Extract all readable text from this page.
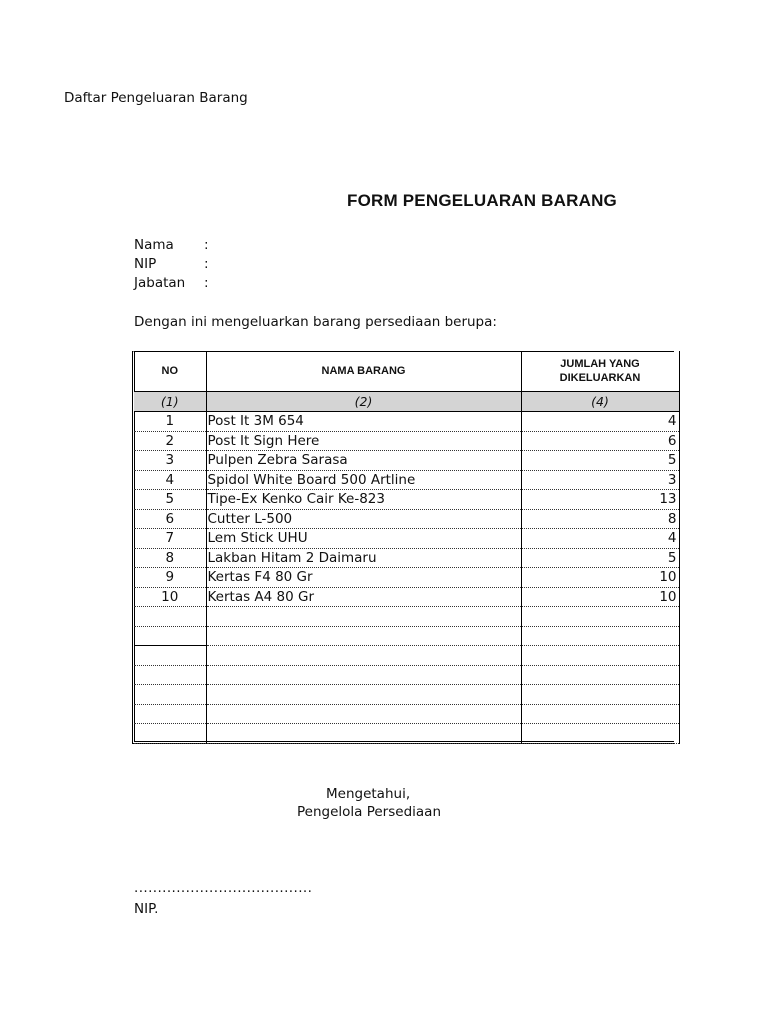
Daftar Pengeluaran Barang
FORM PENGELUARAN BARANG
Nama :
NIP	:
Jabatan :
Dengan ini mengeluarkan barang persediaan berupa:
NO	NAMA BARANG	JUMLAH YANG DIKELUARKAN
(1)	(2)	(4)
1	Post It 3M 654	4
2	Post It Sign Here	6
3	Pulpen Zebra Sarasa	5
4	Spidol White Board 500 Artline	3
5	Tipe-Ex Kenko Cair Ke-823	13
6	Cutter L-500	8
7	Lem Stick UHU	4
8	Lakban Hitam 2 Daimaru	5
9	Kertas F4 80 Gr	10
10	Kertas A4 80 Gr	10

Mengetahui,
Pengelola Persediaan
......................................
NIP.
